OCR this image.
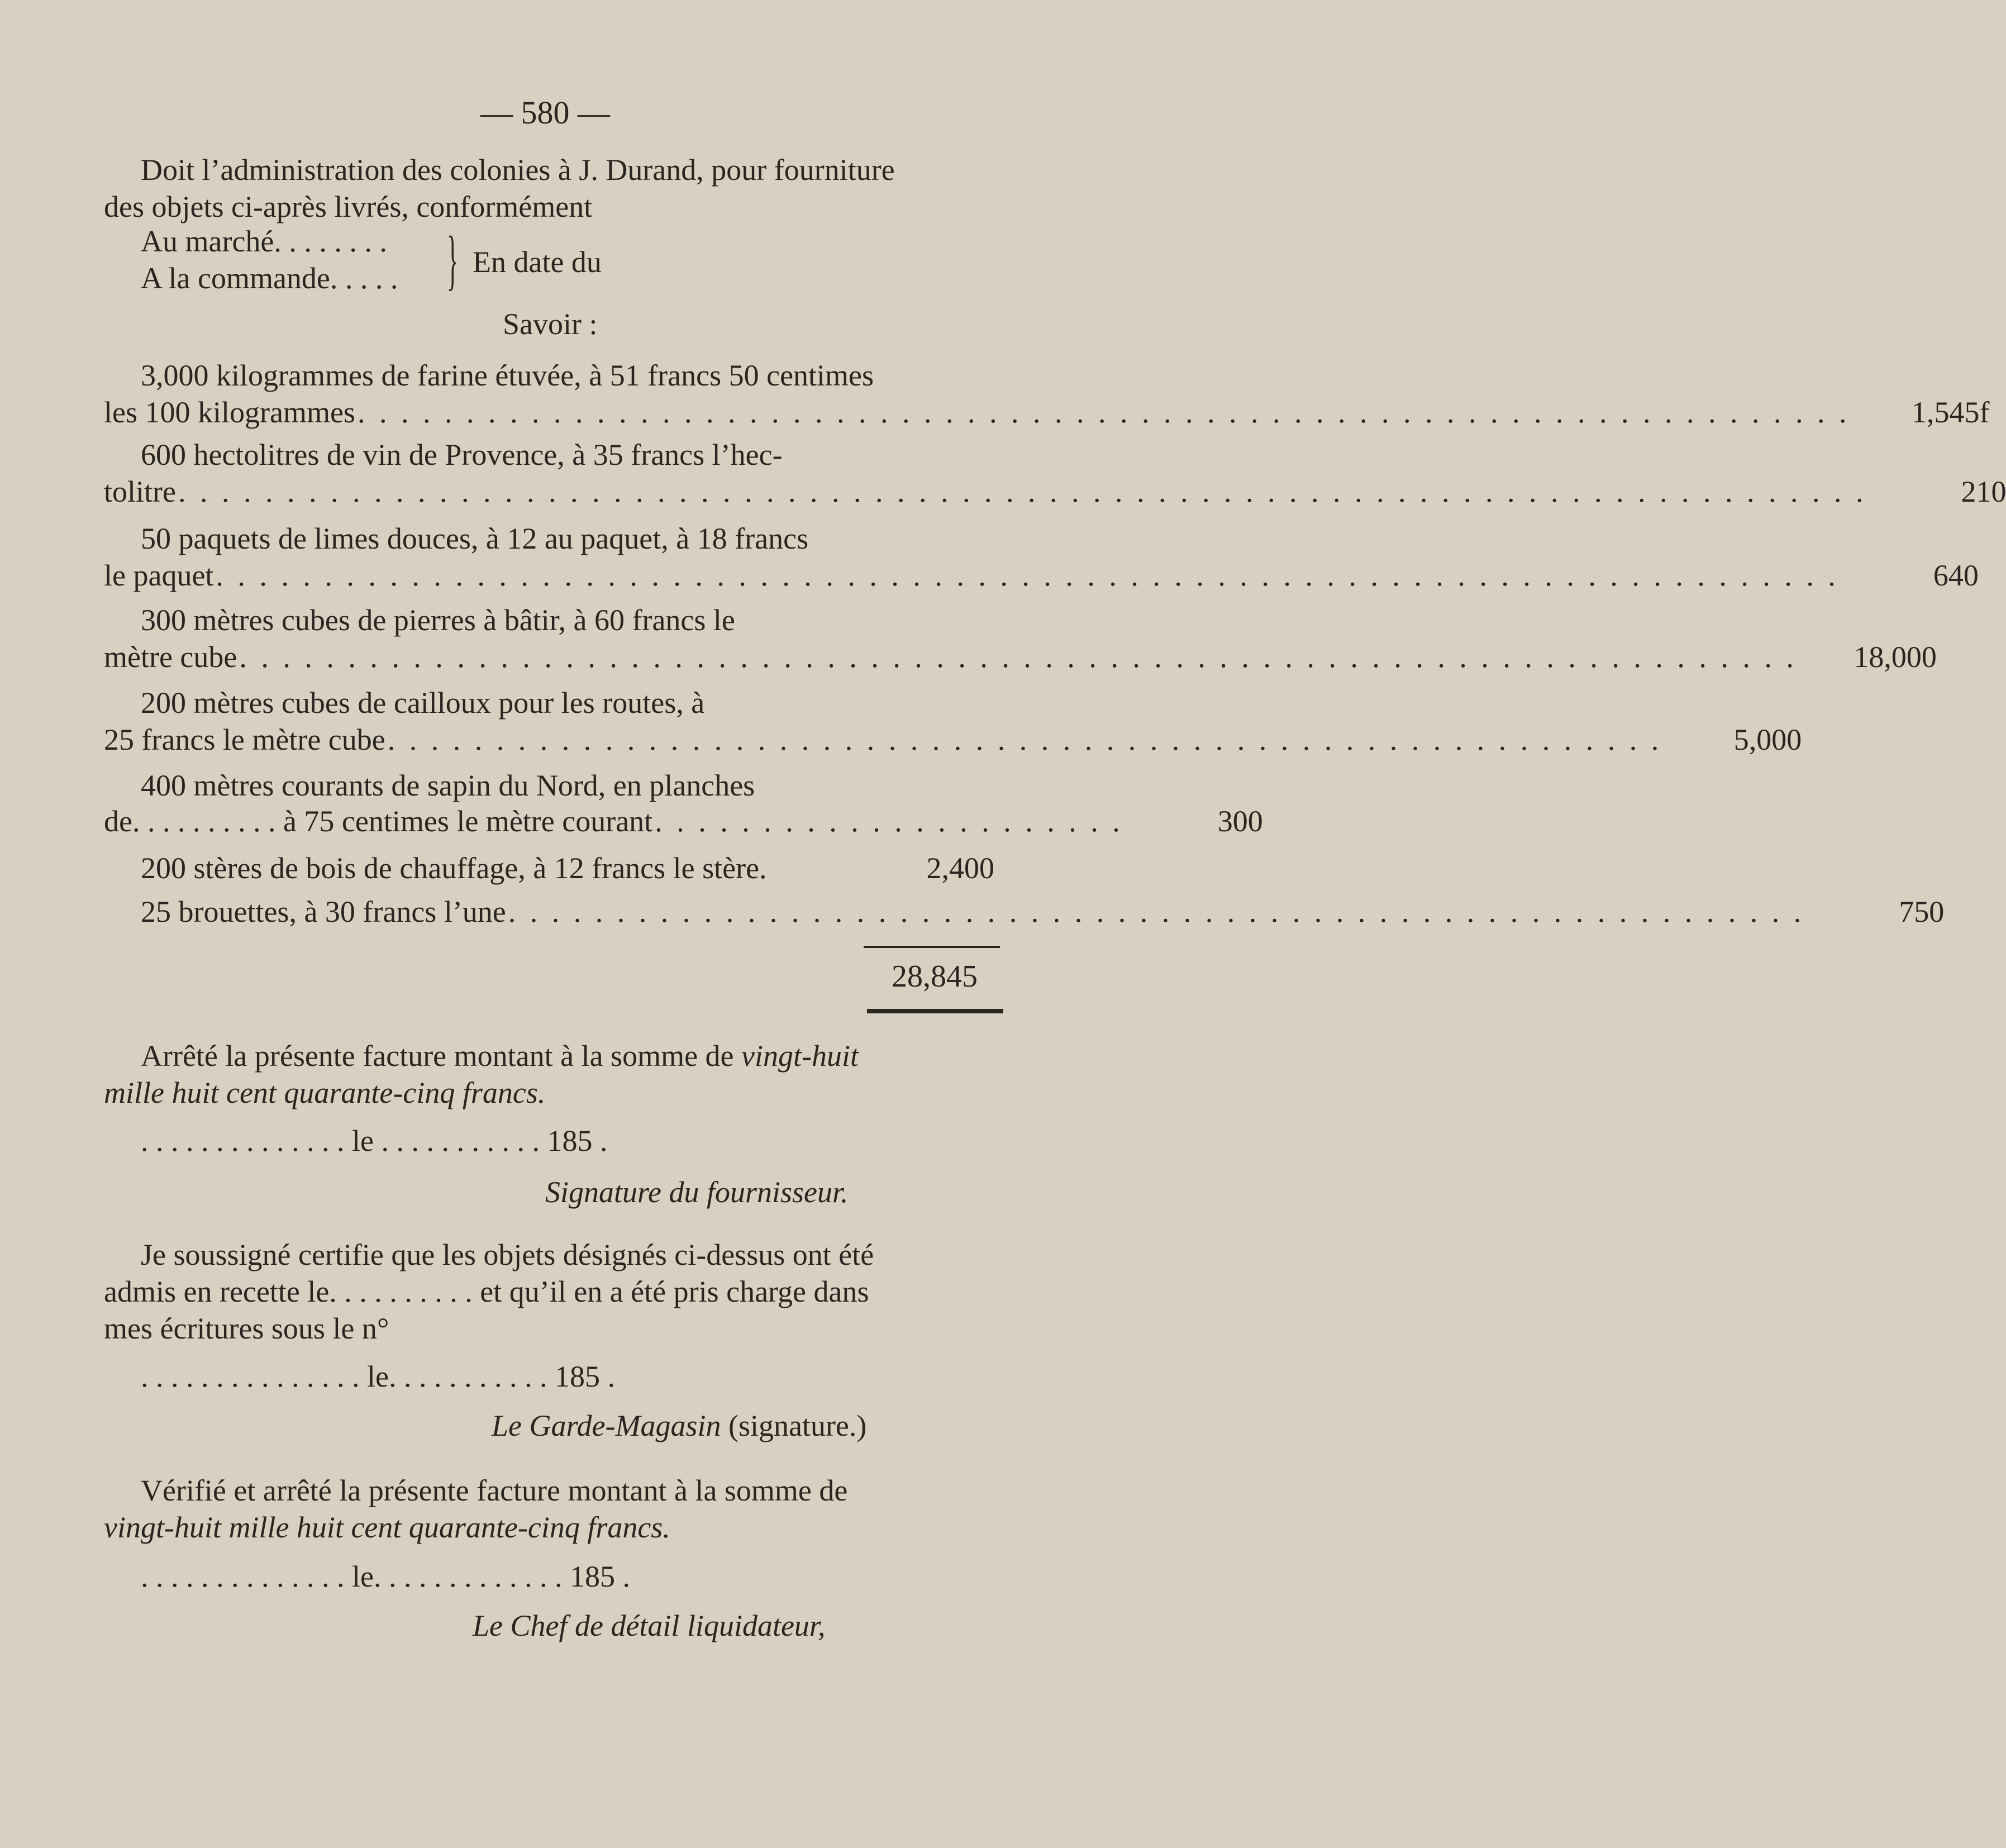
— 580 —
Doit l’administration des colonies à J. Durand, pour fourniture
des objets ci-après livrés, conformément
Au marché. . . . . . . .
A la commande. . . . . } En date du
Savoir :
3,000 kilogrammes de farine étuvée, à 51 francs 50 centimes
les 100 kilogrammes . . . . . . . . . . . . . . . . . . . . . . . . . . . . . . . . . . . . . . . . . . . . . . . . . . . . . . . . . . . . . . . . . . . . .	1,545f
600 hectolitres de vin de Provence, à 35 francs l’hec-
tolitre . . . . . . . . . . . . . . . . . . . . . . . . . . . . . . . . . . . . . . . . . . . . . . . . . . . . . . . . . . . . . . . . . . . . . . . . . . . . . .	210
50 paquets de limes douces, à 12 au paquet, à 18 francs
le paquet . . . . . . . . . . . . . . . . . . . . . . . . . . . . . . . . . . . . . . . . . . . . . . . . . . . . . . . . . . . . . . . . . . . . . . . . . . .	640
300 mètres cubes de pierres à bâtir, à 60 francs le
mètre cube . . . . . . . . . . . . . . . . . . . . . . . . . . . . . . . . . . . . . . . . . . . . . . . . . . . . . . . . . . . . . . . . . . . . . . . .	18,000
200 mètres cubes de cailloux pour les routes, à
25 francs le mètre cube . . . . . . . . . . . . . . . . . . . . . . . . . . . . . . . . . . . . . . . . . . . . . . . . . . . . . . . . . . .	5,000
400 mètres courants de sapin du Nord, en planches
de. . . . . . . . . . à 75 centimes le mètre courant . . . . . . . . . . . . . . . . . . . . . .	300
200 stères de bois de chauffage, à 12 francs le stère.	2,400
25 brouettes, à 30 francs l’une . . . . . . . . . . . . . . . . . . . . . . . . . . . . . . . . . . . . . . . . . . . . . . . . . . . . . . . . . . . .	750
28,845
Arrêté la présente facture montant à la somme de vingt-huit
mille huit cent quarante-cinq francs.
. . . . . . . . . . . . . . le . . . . . . . . . . . 185 .
Signature du fournisseur.
Je soussigné certifie que les objets désignés ci-dessus ont été
admis en recette le. . . . . . . . . . et qu’il en a été pris charge dans
mes écritures sous le n°
. . . . . . . . . . . . . . . le. . . . . . . . . . . 185 .
Le Garde-Magasin (signature.)
Vérifié et arrêté la présente facture montant à la somme de
vingt-huit mille huit cent quarante-cinq francs.
. . . . . . . . . . . . . . le. . . . . . . . . . . . . 185 .
Le Chef de détail liquidateur,
